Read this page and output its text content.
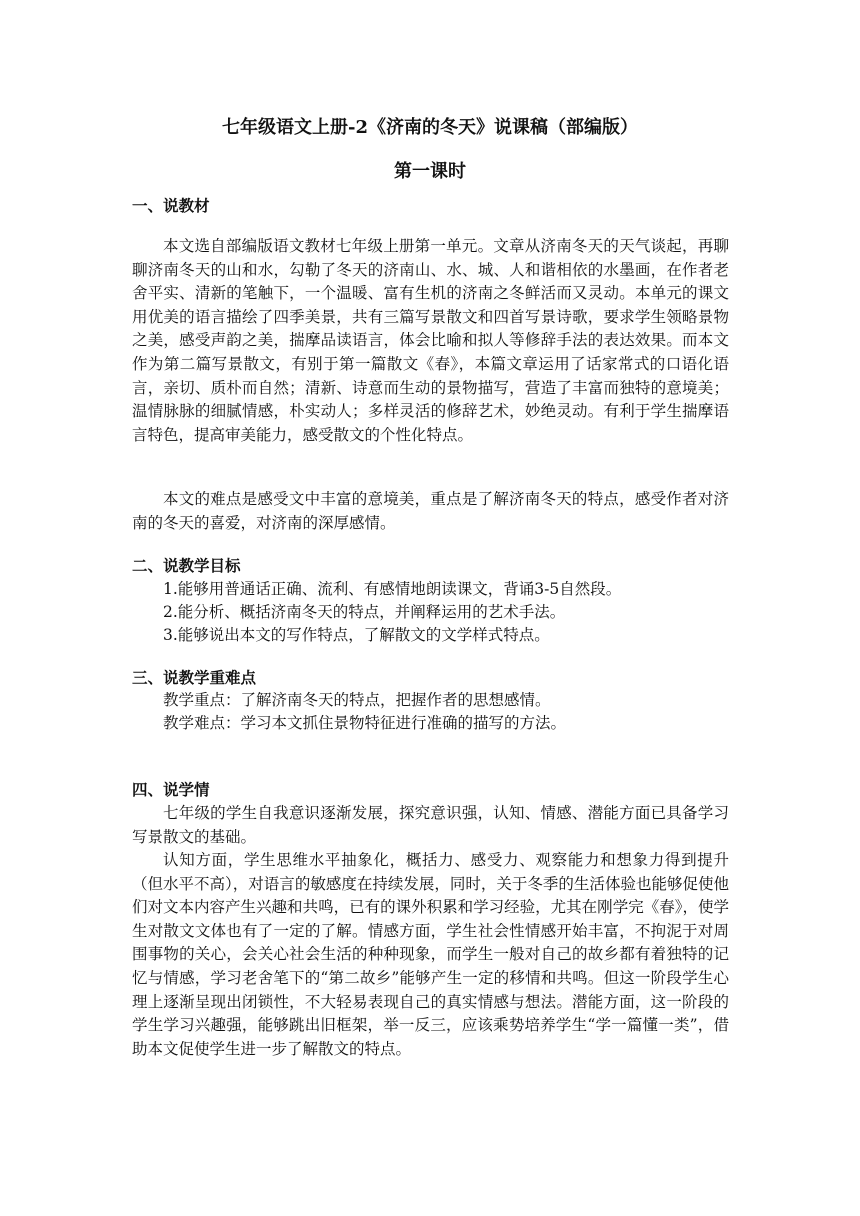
七年级语文上册-2《济南的冬天》说课稿（部编版）
第一课时
一、说教材

本文选自部编版语文教材七年级上册第一单元。文章从济南冬天的天气谈起，再聊聊济南冬天的山和水，勾勒了冬天的济南山、水、城、人和谐相依的水墨画，在作者老舍平实、清新的笔触下，一个温暖、富有生机的济南之冬鲜活而又灵动。本单元的课文用优美的语言描绘了四季美景，共有三篇写景散文和四首写景诗歌，要求学生领略景物之美，感受声韵之美，揣摩品读语言，体会比喻和拟人等修辞手法的表达效果。而本文作为第二篇写景散文，有别于第一篇散文《春》，本篇文章运用了话家常式的口语化语言，亲切、质朴而自然；清新、诗意而生动的景物描写，营造了丰富而独特的意境美；温情脉脉的细腻情感，朴实动人；多样灵活的修辞艺术，妙绝灵动。有利于学生揣摩语言特色，提高审美能力，感受散文的个性化特点。

本文的难点是感受文中丰富的意境美，重点是了解济南冬天的特点，感受作者对济南的冬天的喜爱，对济南的深厚感情。

二、说教学目标

1.能够用普通话正确、流利、有感情地朗读课文，背诵3-5自然段。

2.能分析、概括济南冬天的特点，并阐释运用的艺术手法。

3.能够说出本文的写作特点，了解散文的文学样式特点。

三、说教学重难点

教学重点：了解济南冬天的特点，把握作者的思想感情。

教学难点：学习本文抓住景物特征进行准确的描写的方法。

四、说学情

七年级的学生自我意识逐渐发展，探究意识强，认知、情感、潜能方面已具备学习写景散文的基础。

认知方面，学生思维水平抽象化，概括力、感受力、观察能力和想象力得到提升（但水平不高），对语言的敏感度在持续发展，同时，关于冬季的生活体验也能够促使他们对文本内容产生兴趣和共鸣，已有的课外积累和学习经验，尤其在刚学完《春》，使学生对散文文体也有了一定的了解。情感方面，学生社会性情感开始丰富，不拘泥于对周围事物的关心，会关心社会生活的种种现象，而学生一般对自己的故乡都有着独特的记忆与情感，学习老舍笔下的“第二故乡”能够产生一定的移情和共鸣。但这一阶段学生心理上逐渐呈现出闭锁性，不大轻易表现自己的真实情感与想法。潜能方面，这一阶段的学生学习兴趣强，能够跳出旧框架，举一反三，应该乘势培养学生“学一篇懂一类”，借助本文促使学生进一步了解散文的特点。
